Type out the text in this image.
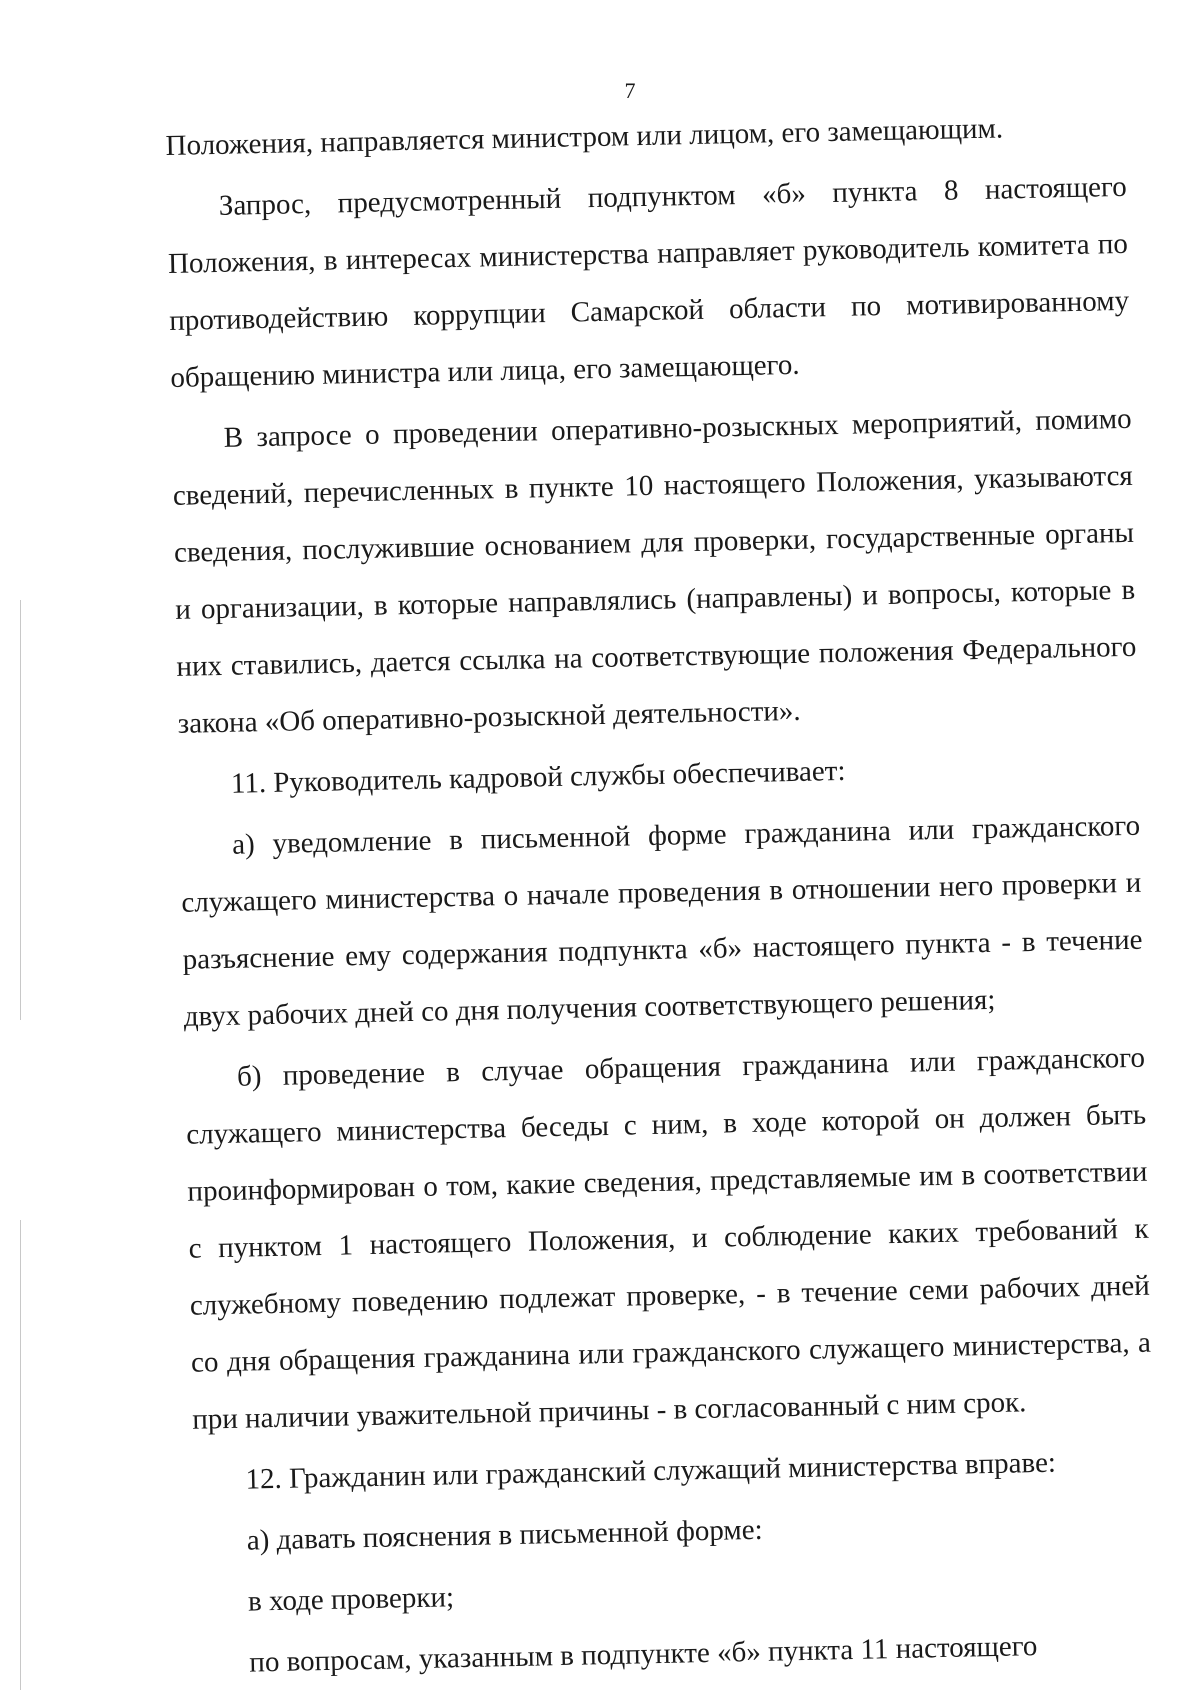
7

Положения, направляется министром или лицом, его замещающим.

Запрос, предусмотренный подпунктом «б» пункта 8 настоящего Положения, в интересах министерства направляет руководитель комитета по противодействию коррупции Самарской области по мотивированному обращению министра или лица, его замещающего.

В запросе о проведении оперативно-розыскных мероприятий, помимо сведений, перечисленных в пункте 10 настоящего Положения, указываются сведения, послужившие основанием для проверки, государственные органы и организации, в которые направлялись (направлены) и вопросы, которые в них ставились, дается ссылка на соответствующие положения Федерального закона «Об оперативно-розыскной деятельности».

11. Руководитель кадровой службы обеспечивает:

а) уведомление в письменной форме гражданина или гражданского служащего министерства о начале проведения в отношении него проверки и разъяснение ему содержания подпункта «б» настоящего пункта - в течение двух рабочих дней со дня получения соответствующего решения;

б) проведение в случае обращения гражданина или гражданского служащего министерства беседы с ним, в ходе которой он должен быть проинформирован о том, какие сведения, представляемые им в соответствии с пунктом 1 настоящего Положения, и соблюдение каких требований к служебному поведению подлежат проверке, - в течение семи рабочих дней со дня обращения гражданина или гражданского служащего министерства, а при наличии уважительной причины - в согласованный с ним срок.

12. Гражданин или гражданский служащий министерства вправе:

а) давать пояснения в письменной форме:

в ходе проверки;

по вопросам, указанным в подпункте «б» пункта 11 настоящего
